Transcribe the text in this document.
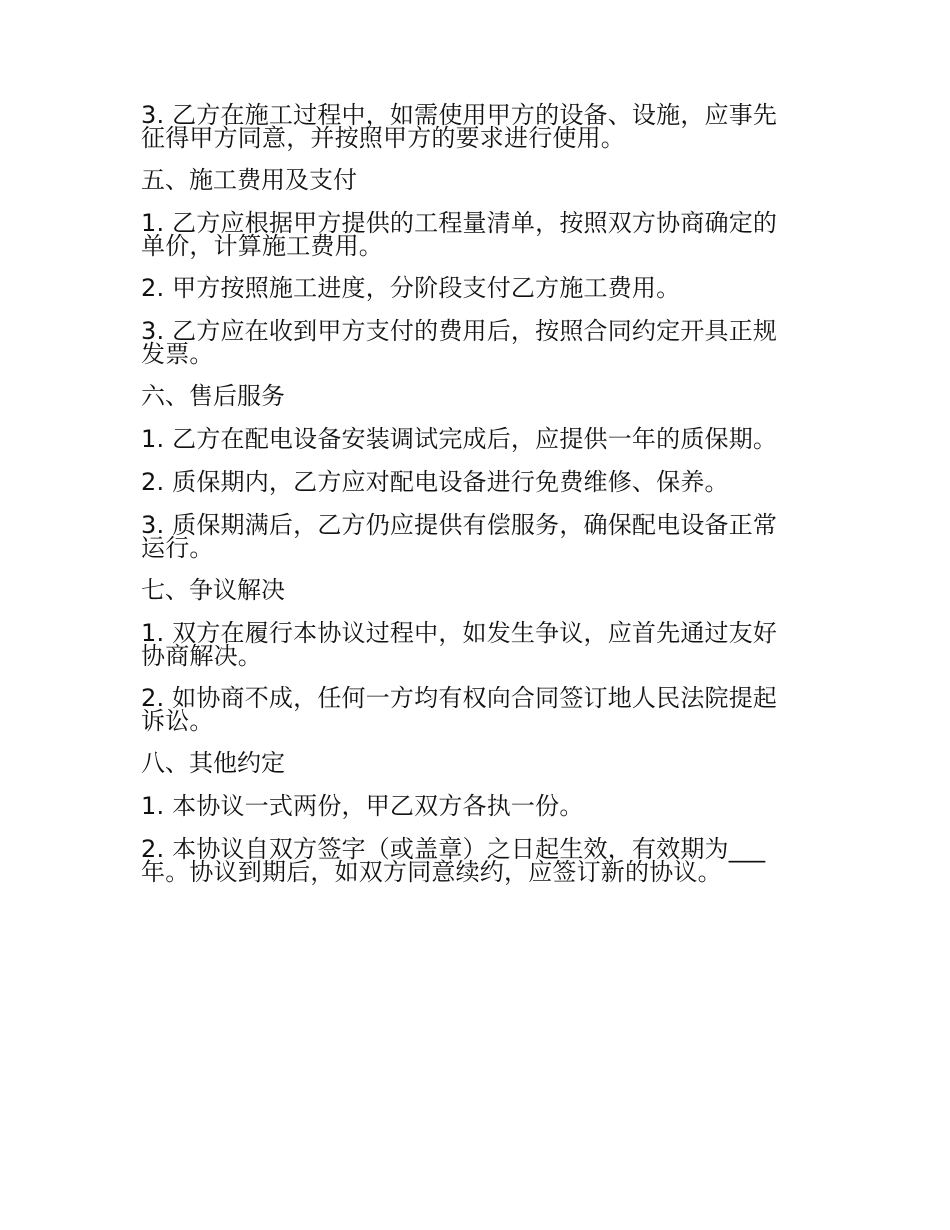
3. 乙方在施工过程中，如需使用甲方的设备、设施，应事先
征得甲方同意，并按照甲方的要求进行使用。
五、施工费用及支付
1. 乙方应根据甲方提供的工程量清单，按照双方协商确定的
单价，计算施工费用。
2. 甲方按照施工进度，分阶段支付乙方施工费用。
3. 乙方应在收到甲方支付的费用后，按照合同约定开具正规
发票。
六、售后服务
1. 乙方在配电设备安装调试完成后，应提供一年的质保期。
2. 质保期内，乙方应对配电设备进行免费维修、保养。
3. 质保期满后，乙方仍应提供有偿服务，确保配电设备正常
运行。
七、争议解决
1. 双方在履行本协议过程中，如发生争议，应首先通过友好
协商解决。
2. 如协商不成，任何一方均有权向合同签订地人民法院提起
诉讼。
八、其他约定
1. 本协议一式两份，甲乙双方各执一份。
2. 本协议自双方签字（或盖章）之日起生效，有效期为___
年。协议到期后，如双方同意续约，应签订新的协议。
